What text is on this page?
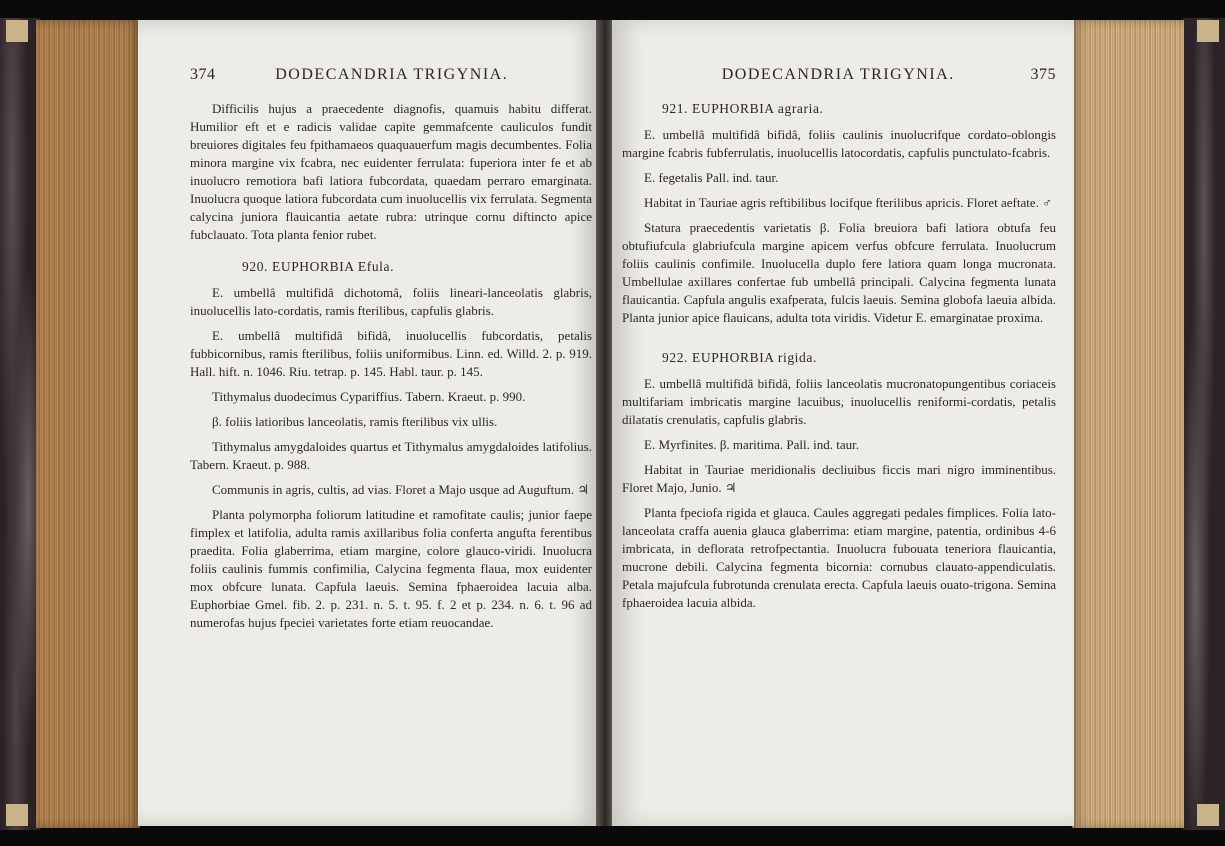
374	DODECANDRIA TRIGYNIA.

Difficilis hujus a praecedente diagnofis, quamuis habitu differat. Humilior eft et e radicis validae capite gemmafcente cauliculos fundit breuiores digitales feu fpithamaeos quaquauerfum magis decumbentes. Folia minora margine vix fcabra, nec euidenter ferrulata: fuperiora inter fe et ab inuolucro remotiora bafi latiora fubcordata, quaedam perraro emarginata. Inuolucra quoque latiora fubcordata cum inuolucellis vix ferrulata. Segmenta calycina juniora flauicantia aetate rubra: utrinque cornu diftincto apice fubclauato. Tota planta fenior rubet.

920. EUPHORBIA Efula.

E. umbellâ multifidâ dichotomâ, foliis lineari-lanceolatis glabris, inuolucellis lato-cordatis, ramis fterilibus, capfulis glabris.

E. umbellâ multifidâ bifidâ, inuolucellis fubcordatis, petalis fubbicornibus, ramis fterilibus, foliis uniformibus. Linn. ed. Willd. 2. p. 919. Hall. hift. n. 1046. Riu. tetrap. p. 145. Habl. taur. p. 145.

Tithymalus duodecimus Cypariffius. Tabern. Kraeut. p. 990.

β. foliis latioribus lanceolatis, ramis fterilibus vix ullis.

Tithymalus amygdaloides quartus et Tithymalus amygdaloides latifolius. Tabern. Kraeut. p. 988.

Communis in agris, cultis, ad vias. Floret a Majo usque ad Auguftum. ♃

Planta polymorpha foliorum latitudine et ramofitate caulis; junior faepe fimplex et latifolia, adulta ramis axillaribus folia conferta angufta ferentibus praedita. Folia glaberrima, etiam margine, colore glauco-viridi. Inuolucra foliis caulinis fummis confimilia, Calycina fegmenta flaua, mox euidenter mox obfcure lunata. Capfula laeuis. Semina fphaeroidea lacuia alba. Euphorbiae Gmel. fib. 2. p. 231. n. 5. t. 95. f. 2 et p. 234. n. 6. t. 96 ad numerofas hujus fpeciei varietates forte etiam reuocandae.

DODECANDRIA TRIGYNIA.	375

921. EUPHORBIA agraria.

E. umbellâ multifidâ bifidâ, foliis caulinis inuolucrifque cordato-oblongis margine fcabris fubferrulatis, inuolucellis latocordatis, capfulis punctulato-fcabris.

E. fegetalis Pall. ind. taur.

Habitat in Tauriae agris reftibilibus locifque fterilibus apricis. Floret aeftate. ♂

Statura praecedentis varietatis β. Folia breuiora bafi latiora obtufa feu obtufiufcula glabriufcula margine apicem verfus obfcure ferrulata. Inuolucrum foliis caulinis confimile. Inuolucella duplo fere latiora quam longa mucronata. Umbellulae axillares confertae fub umbellâ principali. Calycina fegmenta lunata flauicantia. Capfula angulis exafperata, fulcis laeuis. Semina globofa laeuia albida. Planta junior apice flauicans, adulta tota viridis. Videtur E. emarginatae proxima.

922. EUPHORBIA rigida.

E. umbellâ multifidâ bifidâ, foliis lanceolatis mucronatopungentibus coriaceis multifariam imbricatis margine lacuibus, inuolucellis reniformi-cordatis, petalis dilatatis crenulatis, capfulis glabris.

E. Myrfinites. β. maritima. Pall. ind. taur.

Habitat in Tauriae meridionalis decliuibus ficcis mari nigro imminentibus. Floret Majo, Junio. ♃

Planta fpeciofa rigida et glauca. Caules aggregati pedales fimplices. Folia lato-lanceolata craffa auenia glauca glaberrima: etiam margine, patentia, ordinibus 4-6 imbricata, in deflorata retrofpectantia. Inuolucra fubouata teneriora flauicantia, mucrone debili. Calycina fegmenta bicornia: cornubus clauato-appendiculatis. Petala majufcula fubrotunda crenulata erecta. Capfula laeuis ouato-trigona. Semina fphaeroidea lacuia albida.
